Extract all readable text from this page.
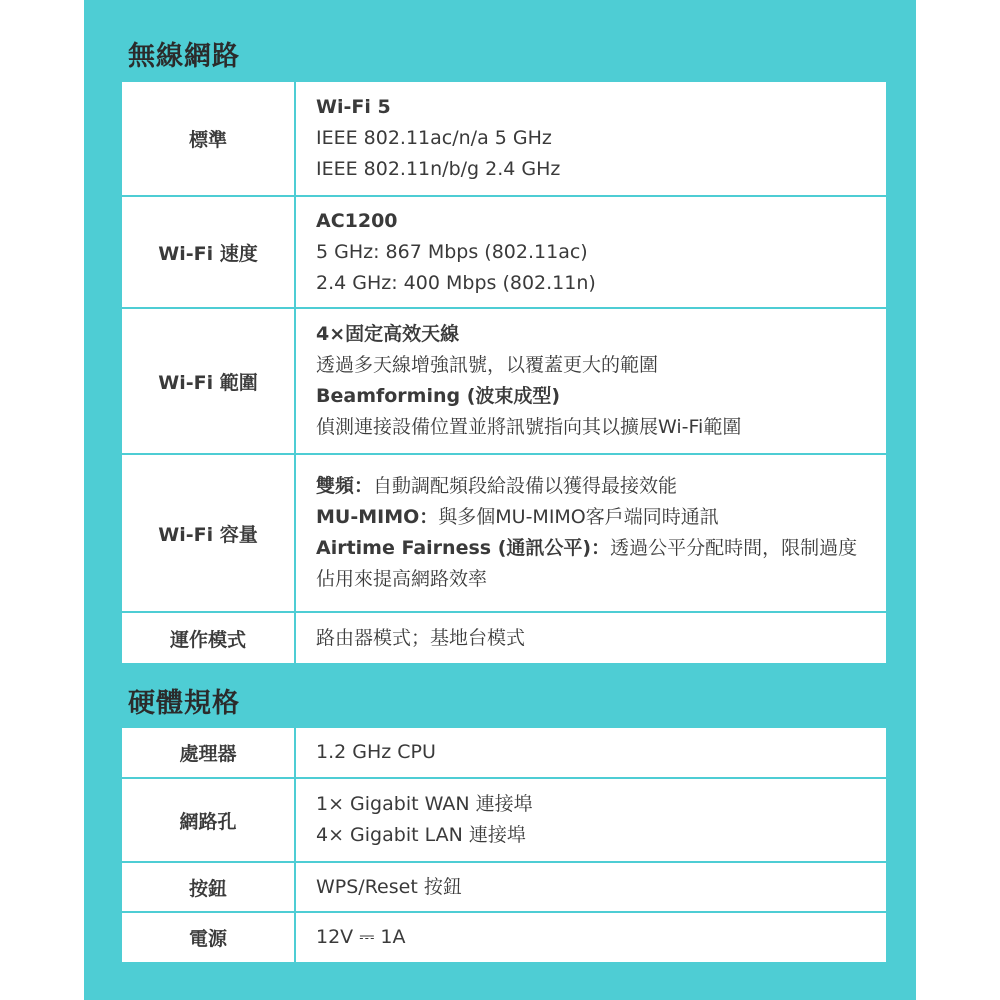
無線網路
標準	Wi-Fi 5
IEEE 802.11ac/n/a 5 GHz
IEEE 802.11n/b/g 2.4 GHz

Wi-Fi 速度	AC1200
5 GHz: 867 Mbps (802.11ac)
2.4 GHz: 400 Mbps (802.11n)

Wi-Fi 範圍	4×固定高效天線
透過多天線增強訊號，以覆蓋更大的範圍
Beamforming (波束成型)
偵測連接設備位置並將訊號指向其以擴展Wi-Fi範圍

Wi-Fi 容量	雙頻：自動調配頻段給設備以獲得最接效能
MU-MIMO：與多個MU-MIMO客戶端同時通訊
Airtime Fairness (通訊公平)：透過公平分配時間，限制過度佔用來提高網路效率

運作模式	路由器模式；基地台模式
硬體規格
處理器	1.2 GHz CPU

網路孔	1× Gigabit WAN 連接埠
4× Gigabit LAN 連接埠

按鈕	WPS/Reset 按鈕

電源	12V ⎓ 1A
